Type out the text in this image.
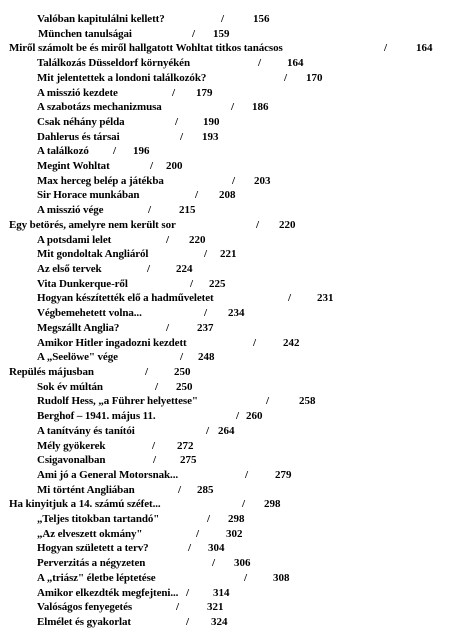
Valóban kapitulálni kellett?	/	156
München tanulságai	/ 159
Miről számolt be és miről hallgatott Wohltat titkos tanácsos	/	164
Találkozás Düsseldorf környékén	/ 164
Mit jelentettek a londoni találkozók?	/ 170
A misszió kezdete	/ 179
A szabotázs mechanizmusa	/ 186
Csak néhány példa	/ 190
Dahlerus és társai	/ 193
A találkozó / 196
Megint Wohltat	/ 200
Max herceg belép a játékba	/ 203
Sir Horace munkában	/ 208
A misszió vége	/	215
Egy betörés, amelyre nem került sor	/ 220
A potsdami lelet	/ 220
Mit gondoltak Angliáról	/ 221
Az első tervek	/ 224
Vita Dunkerque-ről	/ 225
Hogyan készítették elő a hadműveletet	/ 231
Végbemehetett volna...	/ 234
Megszállt Anglia?	/	237
Amikor Hitler ingadozni kezdett	/ 242
A „Seelöwe" vége	/ 248
Repülés májusban	/ 250
Sok év múltán	/ 250
Rudolf Hess, „a Führer helyettese"	/	258
Berghof – 1941. május 11.	/ 260
A tanítvány és tanítói	/ 264
Mély gyökerek	/ 272
Csigavonalban	/ 275
Ami jó a General Motorsnak...	/ 279
Mi történt Angliában	/ 285
Ha kinyitjuk a 14. számú széfet...	/ 298
„Teljes titokban tartandó"	/ 298
„Az elveszett okmány"	/ 302
Hogyan született a terv?	/ 304
Perverzitás a négyzeten	/ 306
A „triász" életbe léptetése	/ 308
Amikor elkezdték megfejteni... / 314
Valóságos fenyegetés	/	321
Elmélet és gyakorlat	/ 324
